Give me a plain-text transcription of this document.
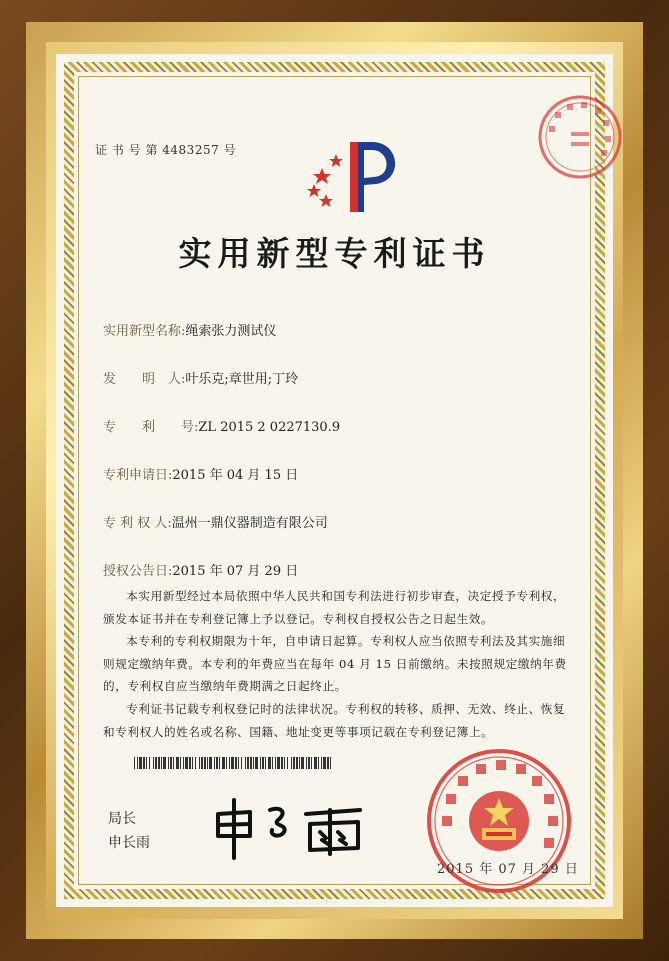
证 书 号 第 4483257 号
实用新型专利证书
实用新型名称:绳索张力测试仪
发　　明　人:叶乐克;章世用;丁玲
专　　利　　号:ZL 2015 2 0227130.9
专利申请日:2015 年 04 月 15 日
专 利 权 人:温州一鼎仪器制造有限公司
授权公告日:2015 年 07 月 29 日
本实用新型经过本局依照中华人民共和国专利法进行初步审查，决定授予专利权，颁发本证书并在专利登记簿上予以登记。专利权自授权公告之日起生效。
本专利的专利权期限为十年，自申请日起算。专利权人应当依照专利法及其实施细则规定缴纳年费。本专利的年费应当在每年 04 月 15 日前缴纳。未按照规定缴纳年费的，专利权自应当缴纳年费期满之日起终止。
专利证书记载专利权登记时的法律状况。专利权的转移、质押、无效、终止、恢复和专利权人的姓名或名称、国籍、地址变更等事项记载在专利登记簿上。
局长
申长雨
2015 年 07 月 29 日
